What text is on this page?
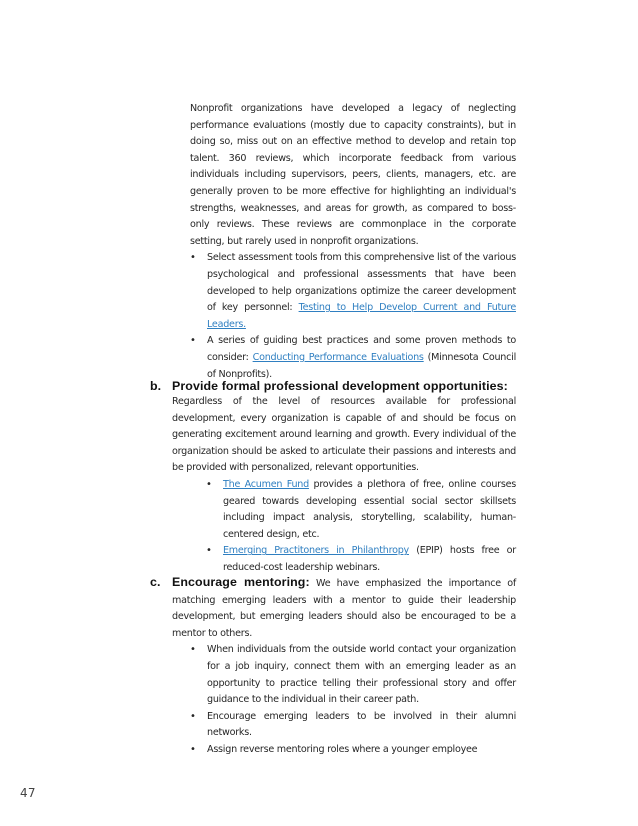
Nonprofit organizations have developed a legacy of neglecting performance evaluations (mostly due to capacity constraints), but in doing so, miss out on an effective method to develop and retain top talent. 360 reviews, which incorporate feedback from various individuals including supervisors, peers, clients, managers, etc. are generally proven to be more effective for highlighting an individual's strengths, weaknesses, and areas for growth, as compared to boss-only reviews. These reviews are commonplace in the corporate setting, but rarely used in nonprofit organizations.

• Select assessment tools from this comprehensive list of the various psychological and professional assessments that have been developed to help organizations optimize the career development of key personnel: Testing to Help Develop Current and Future Leaders.

• A series of guiding best practices and some proven methods to consider: Conducting Performance Evaluations (Minnesota Council of Nonprofits).

b. Provide formal professional development opportunities:

Regardless of the level of resources available for professional development, every organization is capable of and should be focus on generating excitement around learning and growth. Every individual of the organization should be asked to articulate their passions and interests and be provided with personalized, relevant opportunities.

• The Acumen Fund provides a plethora of free, online courses geared towards developing essential social sector skillsets including impact analysis, storytelling, scalability, human-centered design, etc.

• Emerging Practitoners in Philanthropy (EPIP) hosts free or reduced-cost leadership webinars.

c. Encourage mentoring: We have emphasized the importance of matching emerging leaders with a mentor to guide their leadership development, but emerging leaders should also be encouraged to be a mentor to others.

• When individuals from the outside world contact your organization for a job inquiry, connect them with an emerging leader as an opportunity to practice telling their professional story and offer guidance to the individual in their career path.

• Encourage emerging leaders to be involved in their alumni networks.

• Assign reverse mentoring roles where a younger employee

47
